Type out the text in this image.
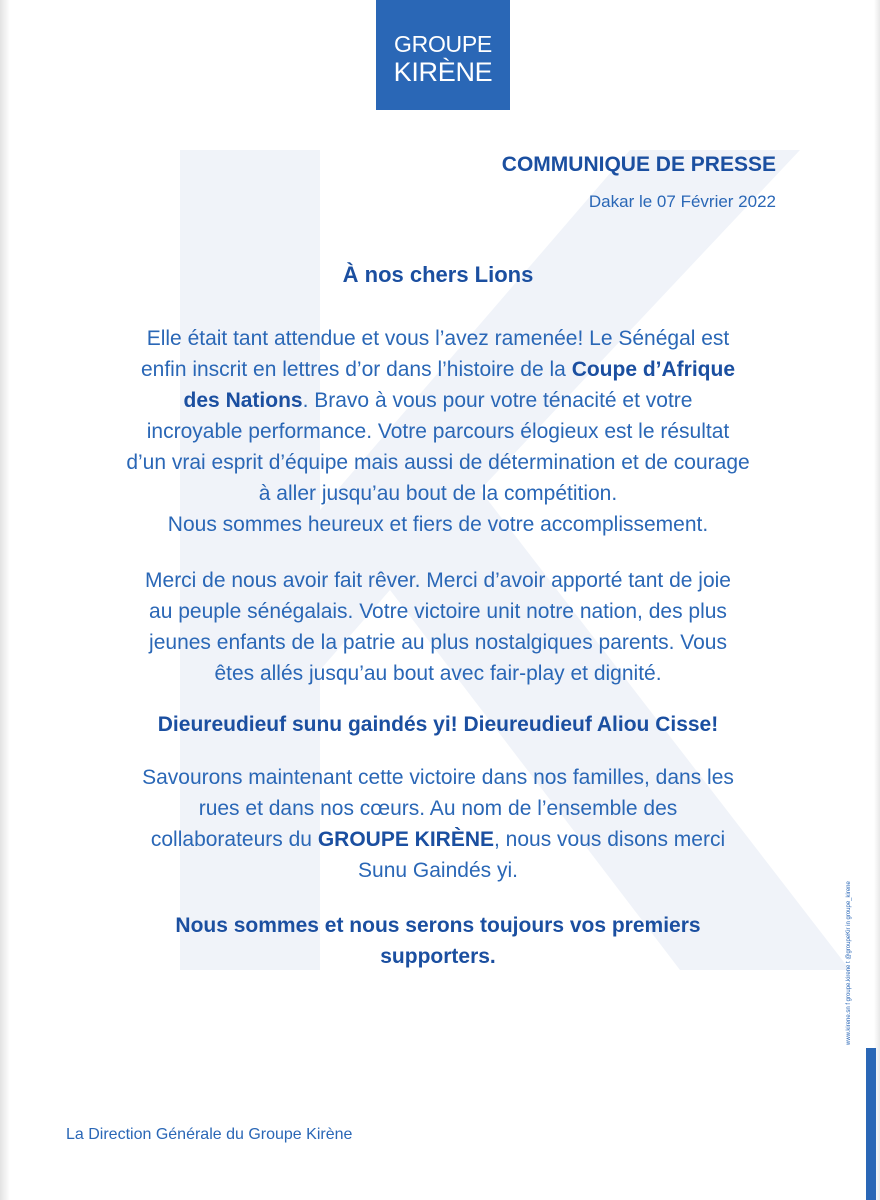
GROUPE
KIRÈNE
COMMUNIQUE DE PRESSE
Dakar le 07 Février 2022
À nos chers Lions
Elle était tant attendue et vous l’avez ramenée! Le Sénégal est
enfin inscrit en lettres d’or dans l’histoire de la Coupe d’Afrique
des Nations. Bravo à vous pour votre ténacité et votre
incroyable performance. Votre parcours élogieux est le résultat
d’un vrai esprit d’équipe mais aussi de détermination et de courage
à aller jusqu’au bout de la compétition.
Nous sommes heureux et fiers de votre accomplissement.
Merci de nous avoir fait rêver. Merci d’avoir apporté tant de joie
au peuple sénégalais. Votre victoire unit notre nation, des plus
jeunes enfants de la patrie au plus nostalgiques parents. Vous
êtes allés jusqu’au bout avec fair-play et dignité.
Dieureudieuf sunu gaindés yi! Dieureudieuf Aliou Cisse!
Savourons maintenant cette victoire dans nos familles, dans les
rues et dans nos cœurs. Au nom de l’ensemble des
collaborateurs du GROUPE KIRÈNE, nous vous disons merci
Sunu Gaindés yi.
Nous sommes et nous serons toujours vos premiers
supporters.
La Direction Générale du Groupe Kirène
www.kirene.sn f groupe.kirene t @groupeKir in groupe_kirene
